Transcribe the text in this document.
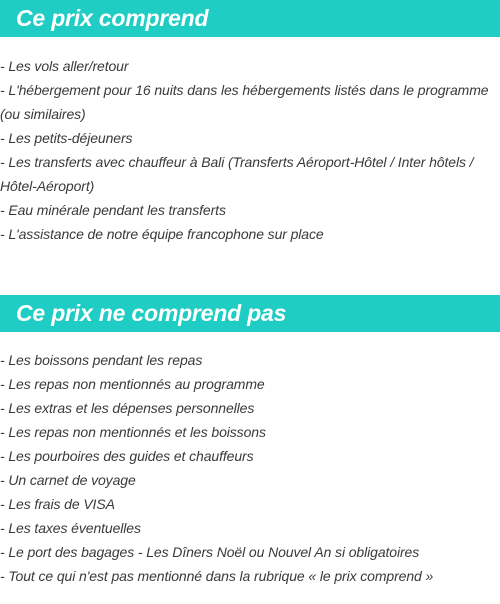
Ce prix comprend
- Les vols aller/retour
- L'hébergement pour 16 nuits dans les hébergements listés dans le programme (ou similaires)
- Les petits-déjeuners
- Les transferts avec chauffeur à Bali (Transferts Aéroport-Hôtel / Inter hôtels / Hôtel-Aéroport)
- Eau minérale pendant les transferts
- L'assistance de notre équipe francophone sur place
Ce prix ne comprend pas
- Les boissons pendant les repas
- Les repas non mentionnés au programme
- Les extras et les dépenses personnelles
- Les repas non mentionnés et les boissons
- Les pourboires des guides et chauffeurs
- Un carnet de voyage
- Les frais de VISA
- Les taxes éventuelles
- Le port des bagages - Les Dîners Noël ou Nouvel An si obligatoires
- Tout ce qui n'est pas mentionné dans la rubrique « le prix comprend »
